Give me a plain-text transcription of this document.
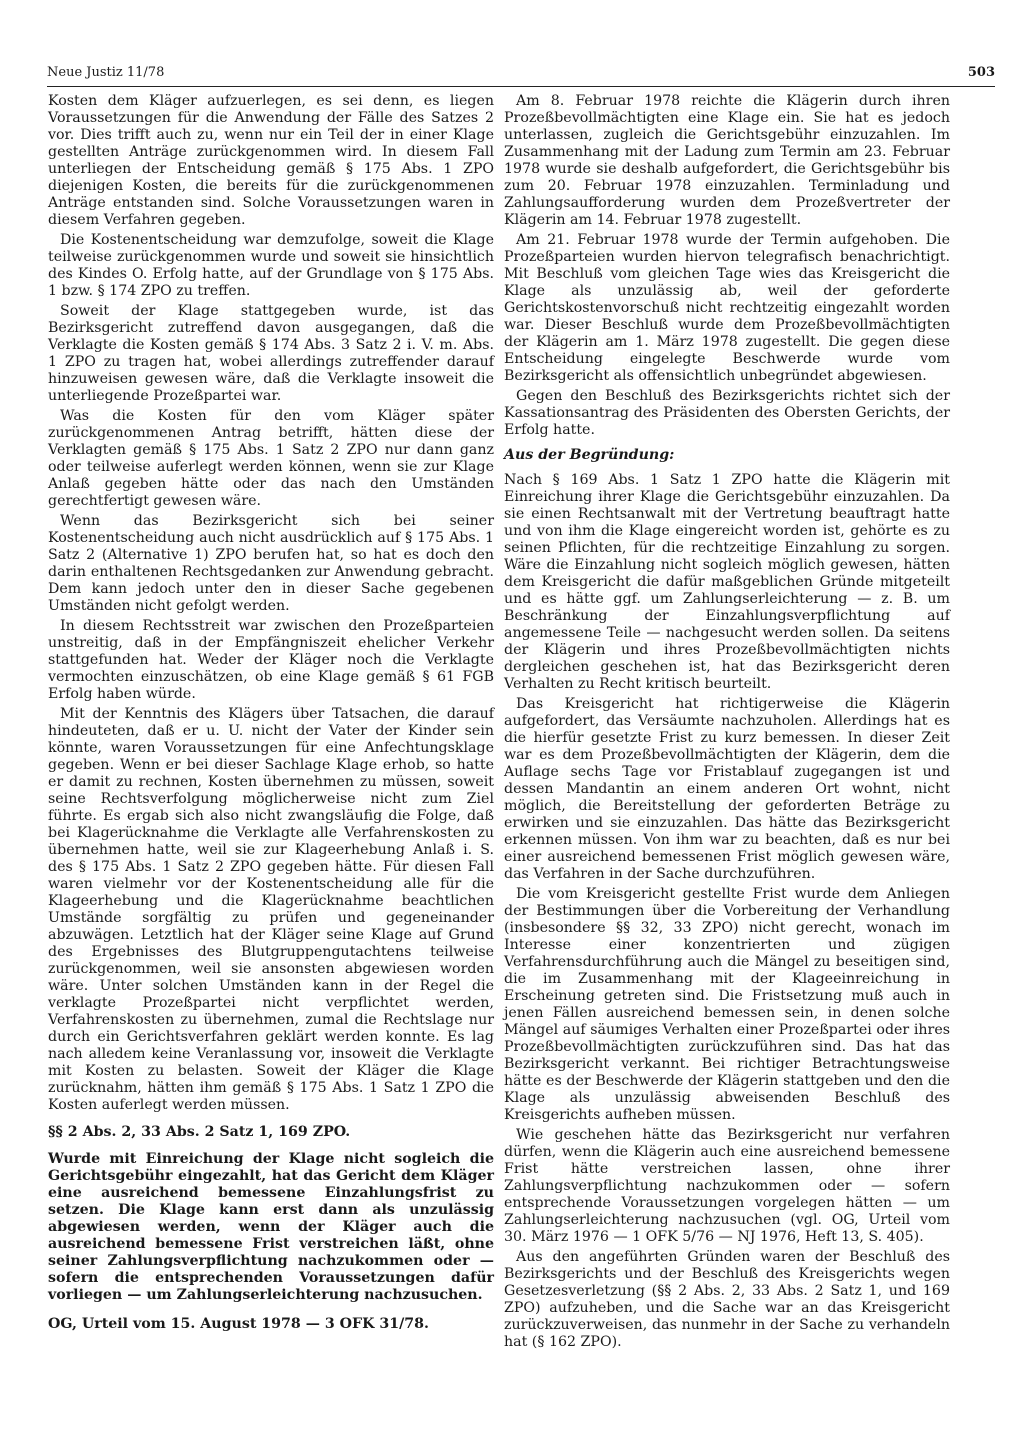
Neue Justiz 11/78	503

Kosten dem Kläger aufzuerlegen, es sei denn, es liegen Voraussetzungen für die Anwendung der Fälle des Satzes 2 vor. Dies trifft auch zu, wenn nur ein Teil der in einer Klage gestellten Anträge zurückgenommen wird. In diesem Fall unterliegen der Entscheidung gemäß § 175 Abs. 1 ZPO diejenigen Kosten, die bereits für die zurückgenommenen Anträge entstanden sind. Solche Voraussetzungen waren in diesem Verfahren gegeben.

Die Kostenentscheidung war demzufolge, soweit die Klage teilweise zurückgenommen wurde und soweit sie hinsichtlich des Kindes O. Erfolg hatte, auf der Grundlage von § 175 Abs. 1 bzw. § 174 ZPO zu treffen.

Soweit der Klage stattgegeben wurde, ist das Bezirksgericht zutreffend davon ausgegangen, daß die Verklagte die Kosten gemäß § 174 Abs. 3 Satz 2 i. V. m. Abs. 1 ZPO zu tragen hat, wobei allerdings zutreffender darauf hinzuweisen gewesen wäre, daß die Verklagte insoweit die unterliegende Prozeßpartei war.

Was die Kosten für den vom Kläger später zurückgenommenen Antrag betrifft, hätten diese der Verklagten gemäß § 175 Abs. 1 Satz 2 ZPO nur dann ganz oder teilweise auferlegt werden können, wenn sie zur Klage Anlaß gegeben hätte oder das nach den Umständen gerechtfertigt gewesen wäre.

Wenn das Bezirksgericht sich bei seiner Kostenentscheidung auch nicht ausdrücklich auf § 175 Abs. 1 Satz 2 (Alternative 1) ZPO berufen hat, so hat es doch den darin enthaltenen Rechtsgedanken zur Anwendung gebracht. Dem kann jedoch unter den in dieser Sache gegebenen Umständen nicht gefolgt werden.

In diesem Rechtsstreit war zwischen den Prozeßparteien unstreitig, daß in der Empfängniszeit ehelicher Verkehr stattgefunden hat. Weder der Kläger noch die Verklagte vermochten einzuschätzen, ob eine Klage gemäß § 61 FGB Erfolg haben würde.

Mit der Kenntnis des Klägers über Tatsachen, die darauf hindeuteten, daß er u. U. nicht der Vater der Kinder sein könnte, waren Voraussetzungen für eine Anfechtungsklage gegeben. Wenn er bei dieser Sachlage Klage erhob, so hatte er damit zu rechnen, Kosten übernehmen zu müssen, soweit seine Rechtsverfolgung möglicherweise nicht zum Ziel führte. Es ergab sich also nicht zwangsläufig die Folge, daß bei Klagerücknahme die Verklagte alle Verfahrenskosten zu übernehmen hatte, weil sie zur Klageerhebung Anlaß i. S. des § 175 Abs. 1 Satz 2 ZPO gegeben hätte. Für diesen Fall waren vielmehr vor der Kostenentscheidung alle für die Klageerhebung und die Klagerücknahme beachtlichen Umstände sorgfältig zu prüfen und gegeneinander abzuwägen. Letztlich hat der Kläger seine Klage auf Grund des Ergebnisses des Blutgruppengutachtens teilweise zurückgenommen, weil sie ansonsten abgewiesen worden wäre. Unter solchen Umständen kann in der Regel die verklagte Prozeßpartei nicht verpflichtet werden, Verfahrenskosten zu übernehmen, zumal die Rechtslage nur durch ein Gerichtsverfahren geklärt werden konnte. Es lag nach alledem keine Veranlassung vor, insoweit die Verklagte mit Kosten zu belasten. Soweit der Kläger die Klage zurücknahm, hätten ihm gemäß § 175 Abs. 1 Satz 1 ZPO die Kosten auferlegt werden müssen.

§§ 2 Abs. 2, 33 Abs. 2 Satz 1, 169 ZPO.

Wurde mit Einreichung der Klage nicht sogleich die Gerichtsgebühr eingezahlt, hat das Gericht dem Kläger eine ausreichend bemessene Einzahlungsfrist zu setzen. Die Klage kann erst dann als unzulässig abgewiesen werden, wenn der Kläger auch die ausreichend bemessene Frist verstreichen läßt, ohne seiner Zahlungsverpflichtung nachzukommen oder — sofern die entsprechenden Voraussetzungen dafür vorliegen — um Zahlungserleichterung nachzusuchen.

OG, Urteil vom 15. August 1978 — 3 OFK 31/78.

Am 8. Februar 1978 reichte die Klägerin durch ihren Prozeßbevollmächtigten eine Klage ein. Sie hat es jedoch unterlassen, zugleich die Gerichtsgebühr einzuzahlen. Im Zusammenhang mit der Ladung zum Termin am 23. Februar 1978 wurde sie deshalb aufgefordert, die Gerichtsgebühr bis zum 20. Februar 1978 einzuzahlen. Terminladung und Zahlungsaufforderung wurden dem Prozeßvertreter der Klägerin am 14. Februar 1978 zugestellt.

Am 21. Februar 1978 wurde der Termin aufgehoben. Die Prozeßparteien wurden hiervon telegrafisch benachrichtigt. Mit Beschluß vom gleichen Tage wies das Kreisgericht die Klage als unzulässig ab, weil der geforderte Gerichtskostenvorschuß nicht rechtzeitig eingezahlt worden war. Dieser Beschluß wurde dem Prozeßbevollmächtigten der Klägerin am 1. März 1978 zugestellt. Die gegen diese Entscheidung eingelegte Beschwerde wurde vom Bezirksgericht als offensichtlich unbegründet abgewiesen.

Gegen den Beschluß des Bezirksgerichts richtet sich der Kassationsantrag des Präsidenten des Obersten Gerichts, der Erfolg hatte.

Aus der Begründung:

Nach § 169 Abs. 1 Satz 1 ZPO hatte die Klägerin mit Einreichung ihrer Klage die Gerichtsgebühr einzuzahlen. Da sie einen Rechtsanwalt mit der Vertretung beauftragt hatte und von ihm die Klage eingereicht worden ist, gehörte es zu seinen Pflichten, für die rechtzeitige Einzahlung zu sorgen. Wäre die Einzahlung nicht sogleich möglich gewesen, hätten dem Kreisgericht die dafür maßgeblichen Gründe mitgeteilt und es hätte ggf. um Zahlungserleichterung — z. B. um Beschränkung der Einzahlungsverpflichtung auf angemessene Teile — nachgesucht werden sollen. Da seitens der Klägerin und ihres Prozeßbevollmächtigten nichts dergleichen geschehen ist, hat das Bezirksgericht deren Verhalten zu Recht kritisch beurteilt.

Das Kreisgericht hat richtigerweise die Klägerin aufgefordert, das Versäumte nachzuholen. Allerdings hat es die hierfür gesetzte Frist zu kurz bemessen. In dieser Zeit war es dem Prozeßbevollmächtigten der Klägerin, dem die Auflage sechs Tage vor Fristablauf zugegangen ist und dessen Mandantin an einem anderen Ort wohnt, nicht möglich, die Bereitstellung der geforderten Beträge zu erwirken und sie einzuzahlen. Das hätte das Bezirksgericht erkennen müssen. Von ihm war zu beachten, daß es nur bei einer ausreichend bemessenen Frist möglich gewesen wäre, das Verfahren in der Sache durchzuführen.

Die vom Kreisgericht gestellte Frist wurde dem Anliegen der Bestimmungen über die Vorbereitung der Verhandlung (insbesondere §§ 32, 33 ZPO) nicht gerecht, wonach im Interesse einer konzentrierten und zügigen Verfahrensdurchführung auch die Mängel zu beseitigen sind, die im Zusammenhang mit der Klageeinreichung in Erscheinung getreten sind. Die Fristsetzung muß auch in jenen Fällen ausreichend bemessen sein, in denen solche Mängel auf säumiges Verhalten einer Prozeßpartei oder ihres Prozeßbevollmächtigten zurückzuführen sind. Das hat das Bezirksgericht verkannt. Bei richtiger Betrachtungsweise hätte es der Beschwerde der Klägerin stattgeben und den die Klage als unzulässig abweisenden Beschluß des Kreisgerichts aufheben müssen.

Wie geschehen hätte das Bezirksgericht nur verfahren dürfen, wenn die Klägerin auch eine ausreichend bemessene Frist hätte verstreichen lassen, ohne ihrer Zahlungsverpflichtung nachzukommen oder — sofern entsprechende Voraussetzungen vorgelegen hätten — um Zahlungserleichterung nachzusuchen (vgl. OG, Urteil vom 30. März 1976 — 1 OFK 5/76 — NJ 1976, Heft 13, S. 405).

Aus den angeführten Gründen waren der Beschluß des Bezirksgerichts und der Beschluß des Kreisgerichts wegen Gesetzesverletzung (§§ 2 Abs. 2, 33 Abs. 2 Satz 1, und 169 ZPO) aufzuheben, und die Sache war an das Kreisgericht zurückzuverweisen, das nunmehr in der Sache zu verhandeln hat (§ 162 ZPO).
